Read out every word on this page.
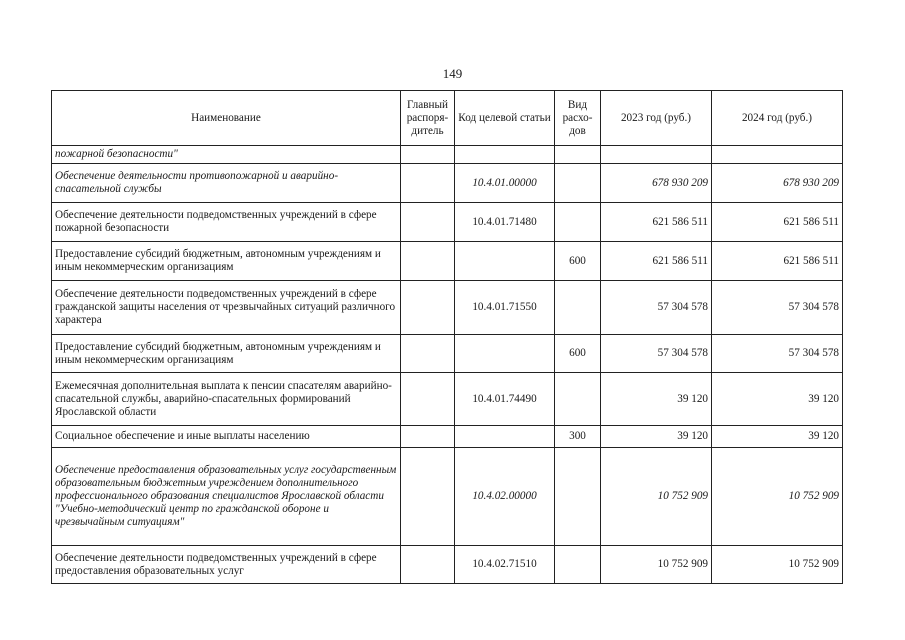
149
Наименование	Главный распоря-дитель	Код целевой статьи	Вид расхо-дов	2023 год (руб.)	2024 год (руб.)
пожарной безопасности"					
Обеспечение деятельности противопожарной и аварийно-спасательной службы		10.4.01.00000		678 930 209	678 930 209
Обеспечение деятельности подведомственных учреждений в сфере пожарной безопасности		10.4.01.71480		621 586 511	621 586 511
Предоставление субсидий бюджетным, автономным учреждениям и иным некоммерческим организациям			600	621 586 511	621 586 511
Обеспечение деятельности подведомственных учреждений в сфере гражданской защиты населения от чрезвычайных ситуаций различного характера		10.4.01.71550		57 304 578	57 304 578
Предоставление субсидий бюджетным, автономным учреждениям и иным некоммерческим организациям			600	57 304 578	57 304 578
Ежемесячная дополнительная выплата к пенсии спасателям аварийно-спасательной службы, аварийно-спасательных формирований Ярославской области		10.4.01.74490		39 120	39 120
Социальное обеспечение и иные выплаты населению			300	39 120	39 120
Обеспечение предоставления образовательных услуг государственным образовательным бюджетным учреждением дополнительного профессионального образования специалистов Ярославской области "Учебно-методический центр по гражданской обороне и чрезвычайным ситуациям"		10.4.02.00000		10 752 909	10 752 909
Обеспечение деятельности подведомственных учреждений в сфере предоставления образовательных услуг		10.4.02.71510		10 752 909	10 752 909
